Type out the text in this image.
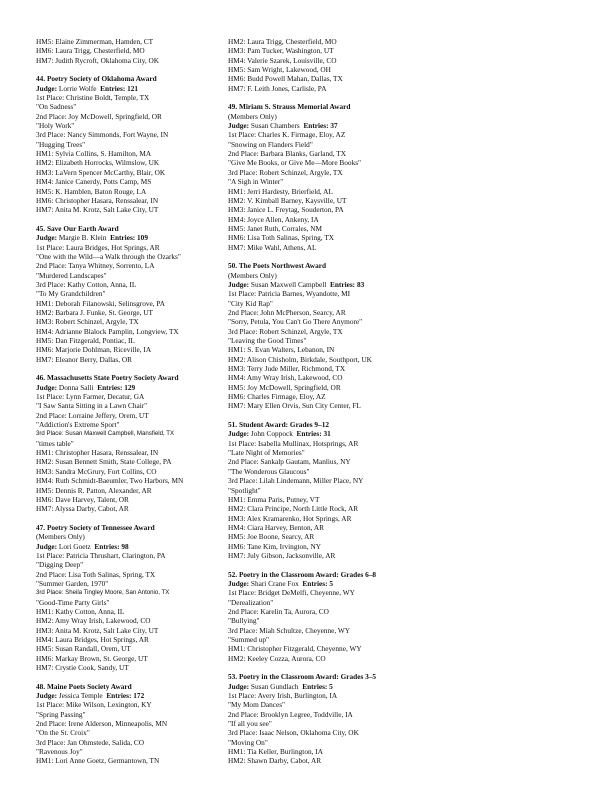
HM5: Elaine Zimmerman, Hamden, CT
HM6: Laura Trigg, Chesterfield, MO
HM7: Judith Rycroft, Oklahoma City, OK
44. Poetry Society of Oklahoma Award
Judge: Lorrie Wolfe Entries: 121
1st Place: Christine Boldt, Temple, TX
"On Sadness"
2nd Place: Joy McDowell, Springfield, OR
"Holy Work"
3rd Place: Nancy Simmonds, Fort Wayne, IN
"Hugging Trees"
HM1: Sylvia Collins, S. Hamilton, MA
HM2: Elizabeth Horrocks, Wilmslow, UK
HM3: LaVern Spencer McCarthy, Blair, OK
HM4: Janice Canerdy, Potts Camp, MS
HM5: K. Hamblen, Baton Rouge, LA
HM6: Christopher Hasara, Renssalear, IN
HM7: Anita M. Krotz, Salt Lake City, UT
45. Save Our Earth Award
Judge: Margie B. Klein Entries: 109
1st Place: Laura Bridges, Hot Springs, AR
"One with the Wild—a Walk through the Ozarks"
2nd Place: Tanya Whitney, Sorrento, LA
"Murdered Landscapes"
3rd Place: Kathy Cotton, Anna, IL
"To My Grandchildren"
HM1: Deborah Filanowski, Selinsgrove, PA
HM2: Barbara J. Funke, St. George, UT
HM3: Robert Schinzel, Argyle, TX
HM4: Adrianne Blalock Pamplin, Longview, TX
HM5: Dan Fitzgerald, Pontiac, IL
HM6: Marjorie Dohlman, Riceville, IA
HM7: Eleanor Berry, Dallas, OR
46. Massachusetts State Poetry Society Award
Judge: Donna Salli Entries: 129
1st Place: Lynn Farmer, Decatur, GA
"I Saw Santa Sitting in a Lawn Chair"
2nd Place: Lorraine Jeffery, Orem, UT
"Addiction's Extreme Sport"
3rd Place: Susan Maxwell Campbell, Mansfield, TX
"times table"
HM1: Christopher Hasara, Renssalear, IN
HM2: Susan Bennett Smith, State College, PA
HM3: Sandra McGrury, Fort Collins, CO
HM4: Ruth Schmidt-Baeumler, Two Harbors, MN
HM5: Dennis R. Patton, Alexander, AR
HM6: Dave Harvey, Talent, OR
HM7: Alyssa Darby, Cabot, AR
47. Poetry Society of Tennessee Award
(Members Only)
Judge: Lori Goetz Entries: 98
1st Place: Patricia Thrushart, Clarington, PA
"Digging Deep"
2nd Place: Lisa Toth Salinas, Spring, TX
"Summer Garden, 1970"
3rd Place: Sheila Tingley Moore, San Antonio, TX
"Good-Time Party Girls"
HM1: Kathy Cotton, Anna, IL
HM2: Amy Wray Irish, Lakewood, CO
HM3: Anita M. Krotz, Salt Lake City, UT
HM4: Laura Bridges, Hot Springs, AR
HM5: Susan Randall, Orem, UT
HM6: Markay Brown, St. George, UT
HM7: Crystie Cook, Sandy, UT
48. Maine Poets Society Award
Judge: Jessica Temple Entries: 172
1st Place: Mike Wilson, Lexington, KY
"Spring Passing"
2nd Place: Irene Alderson, Minneapolis, MN
"On the St. Croix"
3rd Place: Jan Ohmstede, Salida, CO
"Ravenous Joy"
HM1: Lori Anne Goetz, Germantown, TN
HM2: Laura Trigg, Chesterfield, MO
HM3: Pam Tucker, Washington, UT
HM4: Valerie Szarek, Louisville, CO
HM5: Sam Wright, Lakewood, OH
HM6: Budd Powell Mahan, Dallas, TX
HM7: F. Leith Jones, Carlisle, PA
49. Miriam S. Strauss Memorial Award
(Members Only)
Judge: Susan Chambers Entries: 37
1st Place: Charles K. Firmage, Eloy, AZ
"Snowing on Flanders Field"
2nd Place: Barbara Blanks, Garland, TX
"Give Me Books, or Give Me—More Books"
3rd Place: Robert Schinzel, Argyle, TX
"A Sigh in Winter"
HM1: Jerri Hardesty, Brierfield, AL
HM2: V. Kimball Barney, Kaysville, UT
HM3: Janice L. Freytag, Souderton, PA
HM4: Joyce Allen, Ankeny, IA
HM5: Janet Ruth, Corrales, NM
HM6: Lisa Toth Salinas, Spring, TX
HM7: Mike Wahl, Athens, AL
50. The Poets Northwest Award
(Members Only)
Judge: Susan Maxwell Campbell Entries: 83
1st Place: Patricia Barnes, Wyandotte, MI
"City Kid Rap"
2nd Place: John McPherson, Searcy, AR
"Sorry, Petula, You Can't Go There Anymore"
3rd Place: Robert Schinzel, Argyle, TX
"Leaving the Good Times"
HM1: S. Evan Walters, Lebanon, IN
HM2: Alison Chisholm, Birkdale, Southport, UK
HM3: Terry Jude Miller, Richmond, TX
HM4: Amy Wray Irish, Lakewood, CO
HM5: Joy McDowell, Springfield, OR
HM6: Charles Firmage, Eloy, AZ
HM7: Mary Ellen Orvis, Sun City Center, FL
51. Student Award: Grades 9–12
Judge: John Coppock Entries: 31
1st Place: Isabella Mullinax, Hotsprings, AR
"Late Night of Memories"
2nd Place: Sankalp Gautam, Manlius, NY
"The Wonderous Glaucous"
3rd Place: Lilah Lindemann, Miller Place, NY
"Spotlight"
HM1: Emma Paris, Putney, VT
HM2: Clara Principe, North Little Rock, AR
HM3: Alex Kramarenko, Hot Springs, AR
HM4: Ciara Harvey, Benton, AR
HM5: Joe Boone, Searcy, AR
HM6: Tane Kim, Irvington, NY
HM7: July Gibson, Jacksonville, AR
52. Poetry in the Classroom Award: Grades 6–8
Judge: Shari Crane Fox Entries: 5
1st Place: Bridget DeMelfi, Cheyenne, WY
"Derealization"
2nd Place: Karelin Ta, Aurora, CO
"Bullying"
3rd Place: Miah Schultze, Cheyenne, WY
"Summed up"
HM1: Christopher Fitzgerald, Cheyenne, WY
HM2: Keeley Cozza, Aurora, CO
53. Poetry in the Classroom Award: Grades 3–5
Judge: Susan Gundlach Entries: 5
1st Place: Avery Irish, Burlington, IA
"My Mom Dances"
2nd Place: Brooklyn Legree, Toddville, IA
"If all you see"
3rd Place: Isaac Nelson, Oklahoma City, OK
"Moving On"
HM1: Tia Keller, Burlington, IA
HM2: Shawn Darby, Cabot, AR
